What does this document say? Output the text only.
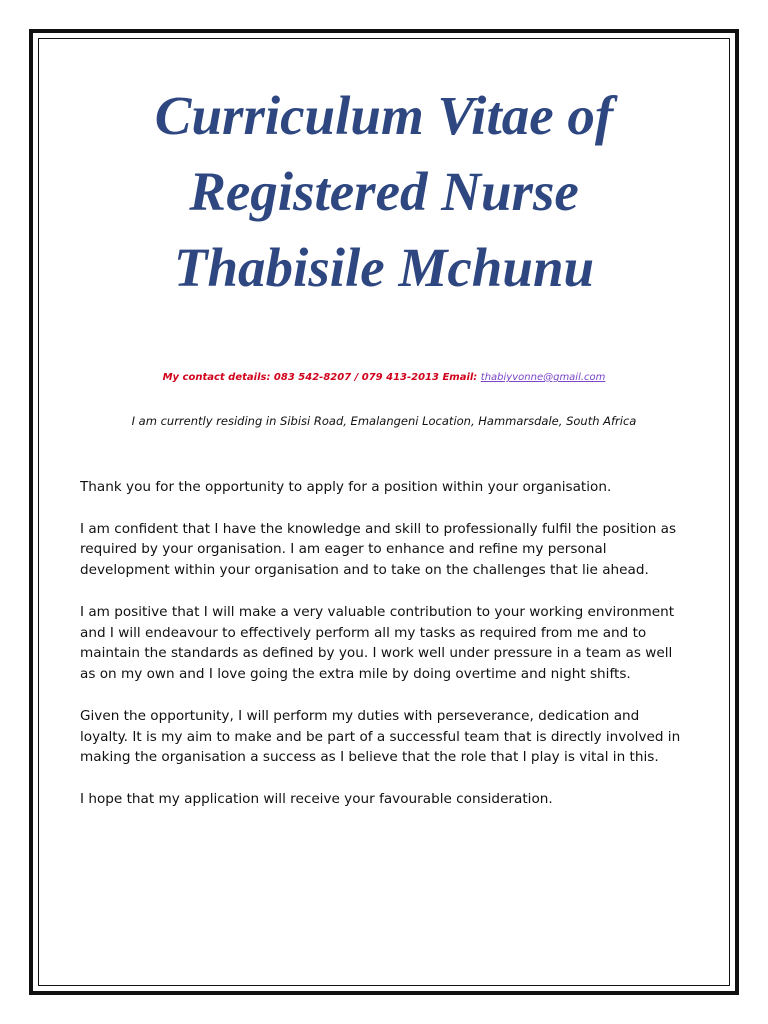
Curriculum Vitae of
Registered Nurse
Thabisile Mchunu
My contact details: 083 542-8207 / 079 413-2013 Email: thabiyvonne@gmail.com
I am currently residing in Sibisi Road, Emalangeni Location, Hammarsdale, South Africa

Thank you for the opportunity to apply for a position within your organisation.

I am confident that I have the knowledge and skill to professionally fulfil the position as required by your organisation. I am eager to enhance and refine my personal development within your organisation and to take on the challenges that lie ahead.

I am positive that I will make a very valuable contribution to your working environment and I will endeavour to effectively perform all my tasks as required from me and to maintain the standards as defined by you. I work well under pressure in a team as well as on my own and I love going the extra mile by doing overtime and night shifts.

Given the opportunity, I will perform my duties with perseverance, dedication and loyalty. It is my aim to make and be part of a successful team that is directly involved in making the organisation a success as I believe that the role that I play is vital in this.

I hope that my application will receive your favourable consideration.
